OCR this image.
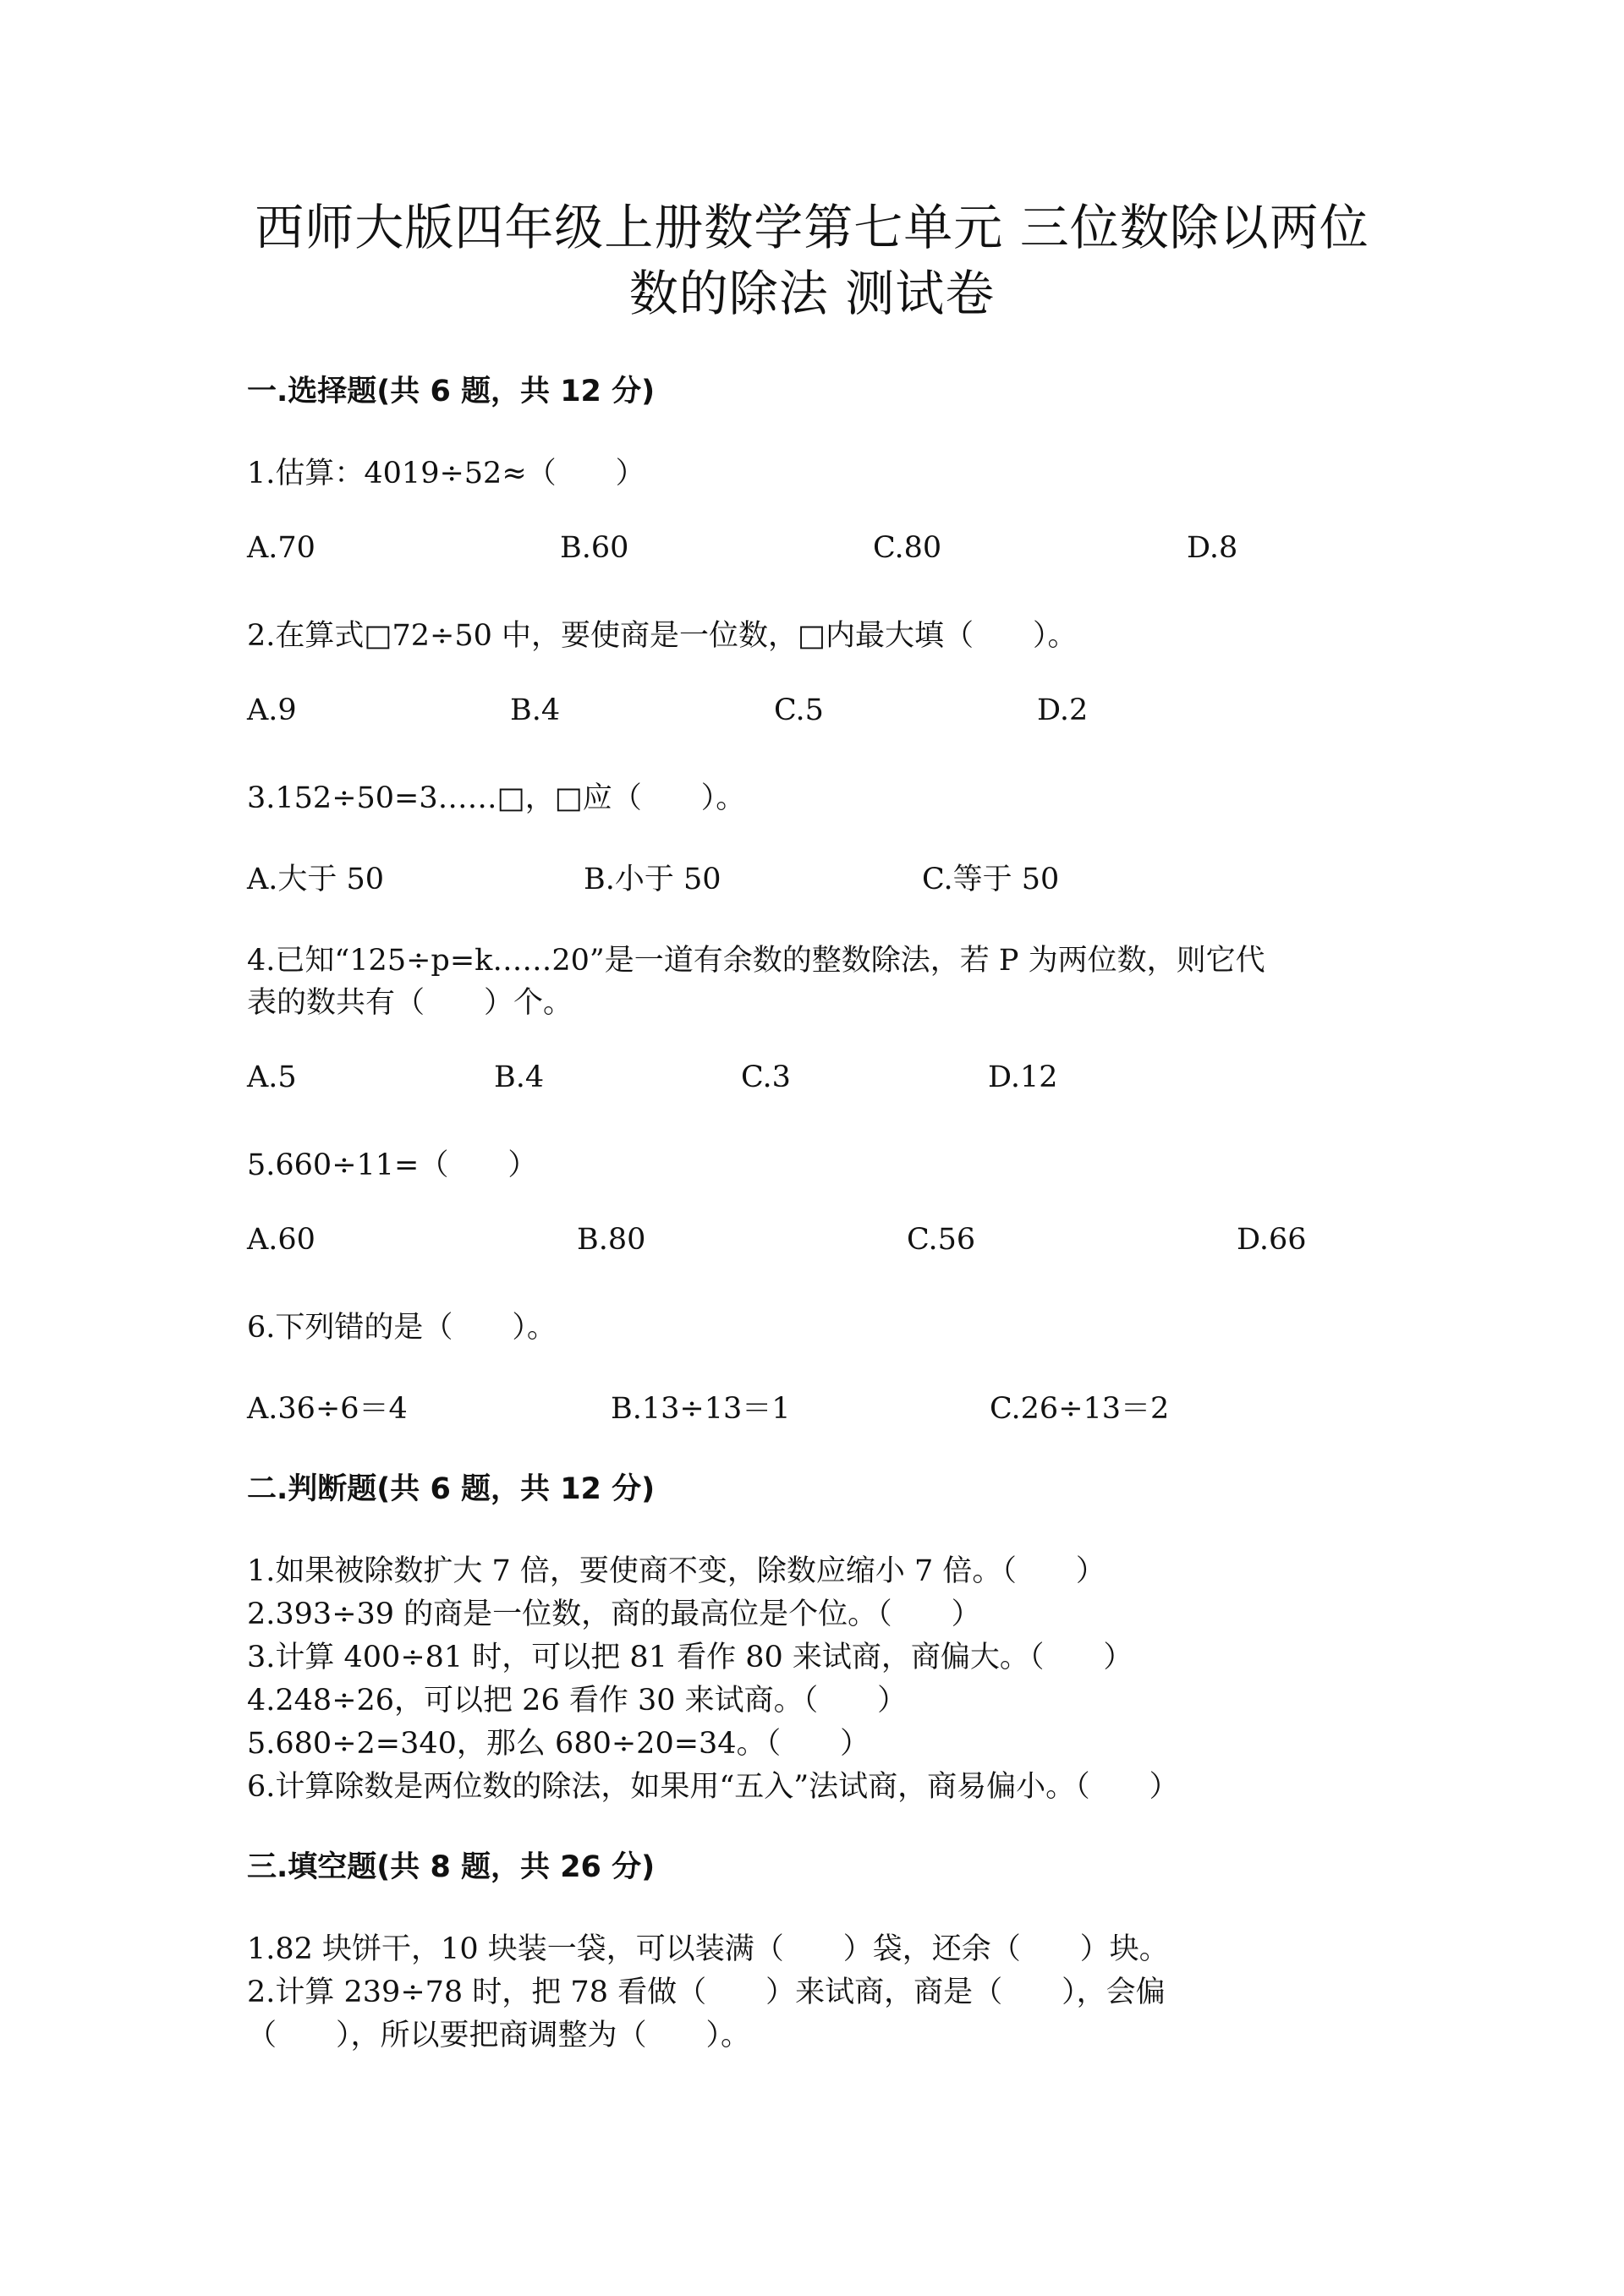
西师大版四年级上册数学第七单元 三位数除以两位
数的除法 测试卷
一.选择题(共 6 题，共 12 分)
1.估算：4019÷52≈（　　）
A.70	B.60	C.80	D.8
2.在算式□72÷50 中，要使商是一位数，□内最大填（　　）。
A.9	B.4	C.5	D.2
3.152÷50=3……□，□应（　　）。
A.大于 50	B.小于 50	C.等于 50
4.已知“125÷p=k……20”是一道有余数的整数除法，若 P 为两位数，则它代
表的数共有（　　）个。
A.5	B.4	C.3	D.12
5.660÷11=（　　）
A.60	B.80	C.56	D.66
6.下列错的是（　　）。
A.36÷6＝4	B.13÷13＝1	C.26÷13＝2
二.判断题(共 6 题，共 12 分)
1.如果被除数扩大 7 倍，要使商不变，除数应缩小 7 倍。（　　）
2.393÷39 的商是一位数，商的最高位是个位。（　　）
3.计算 400÷81 时，可以把 81 看作 80 来试商，商偏大。（　　）
4.248÷26，可以把 26 看作 30 来试商。（　　）
5.680÷2=340，那么 680÷20=34。（　　）
6.计算除数是两位数的除法，如果用“五入”法试商，商易偏小。（　　）
三.填空题(共 8 题，共 26 分)
1.82 块饼干，10 块装一袋，可以装满（　　）袋，还余（　　）块。
2.计算 239÷78 时，把 78 看做（　　）来试商，商是（　　），会偏
（　　），所以要把商调整为（　　）。
